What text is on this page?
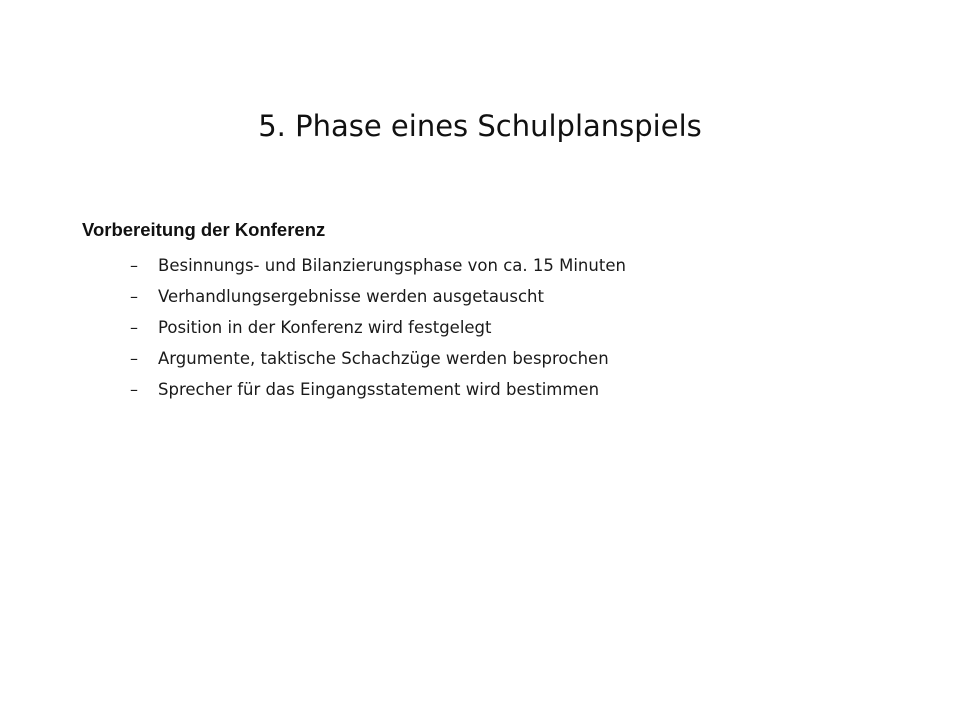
5. Phase eines Schulplanspiels
Vorbereitung der Konferenz
– Besinnungs- und Bilanzierungsphase von ca. 15 Minuten
– Verhandlungsergebnisse werden ausgetauscht
– Position in der Konferenz wird festgelegt
– Argumente, taktische Schachzüge werden besprochen
– Sprecher für das Eingangsstatement wird bestimmen
